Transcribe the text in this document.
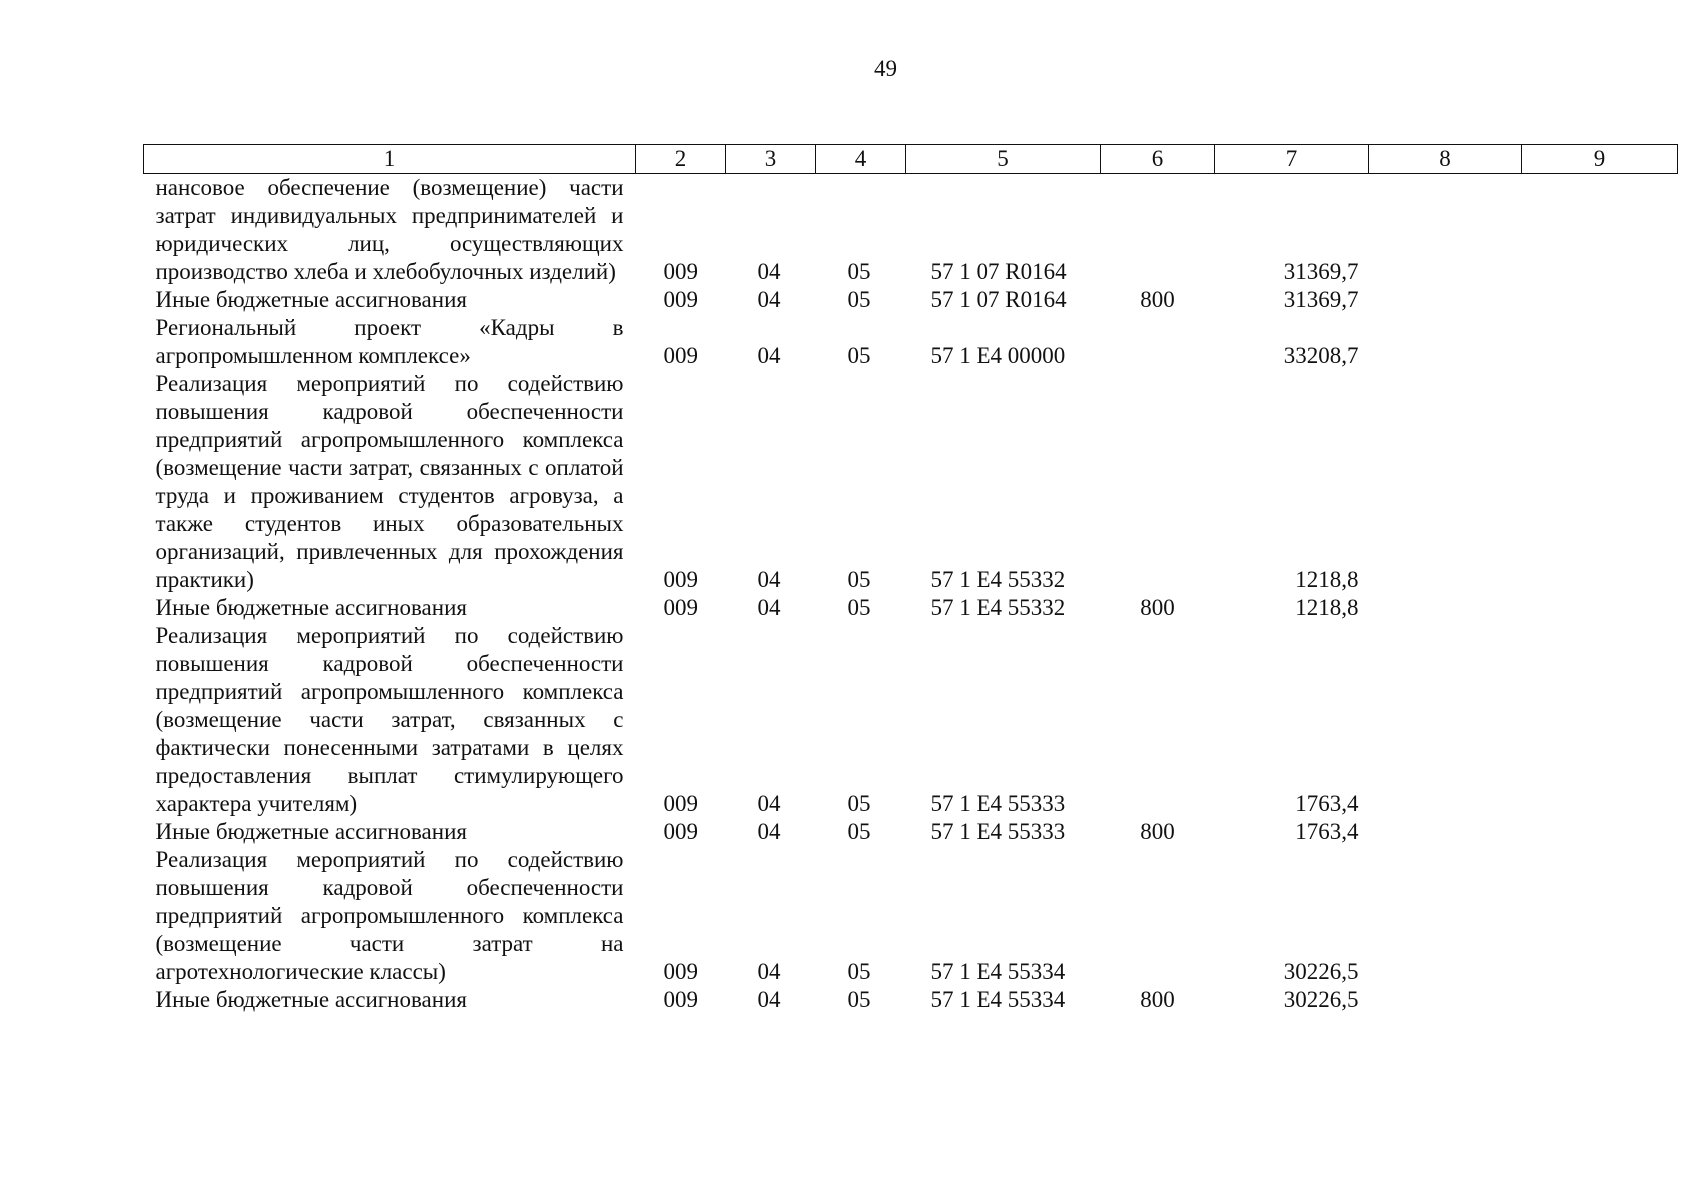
49
1	2	3	4	5	6	7	8	9
нансовое обеспечение (возмещение) части затрат индивидуальных предпринимателей и юридических лиц, осуществляющих производство хлеба и хлебобулочных изделий)	009	04	05	57 1 07 R0164		31369,7		
Иные бюджетные ассигнования	009	04	05	57 1 07 R0164	800	31369,7		
Региональный проект «Кадры в агропромышленном комплексе»	009	04	05	57 1 E4 00000		33208,7		
Реализация мероприятий по содействию повышения кадровой обеспеченности предприятий агропромышленного комплекса (возмещение части затрат, связанных с оплатой труда и проживанием студентов агровуза, а также студентов иных образовательных организаций, привлеченных для прохождения практики)	009	04	05	57 1 E4 55332		1218,8		
Иные бюджетные ассигнования	009	04	05	57 1 E4 55332	800	1218,8		
Реализация мероприятий по содействию повышения кадровой обеспеченности предприятий агропромышленного комплекса (возмещение части затрат, связанных с фактически понесенными затратами в целях предоставления выплат стимулирующего характера учителям)	009	04	05	57 1 E4 55333		1763,4		
Иные бюджетные ассигнования	009	04	05	57 1 E4 55333	800	1763,4		
Реализация мероприятий по содействию повышения кадровой обеспеченности предприятий агропромышленного комплекса (возмещение части затрат на агротехнологические классы)	009	04	05	57 1 E4 55334		30226,5		
Иные бюджетные ассигнования	009	04	05	57 1 E4 55334	800	30226,5		
